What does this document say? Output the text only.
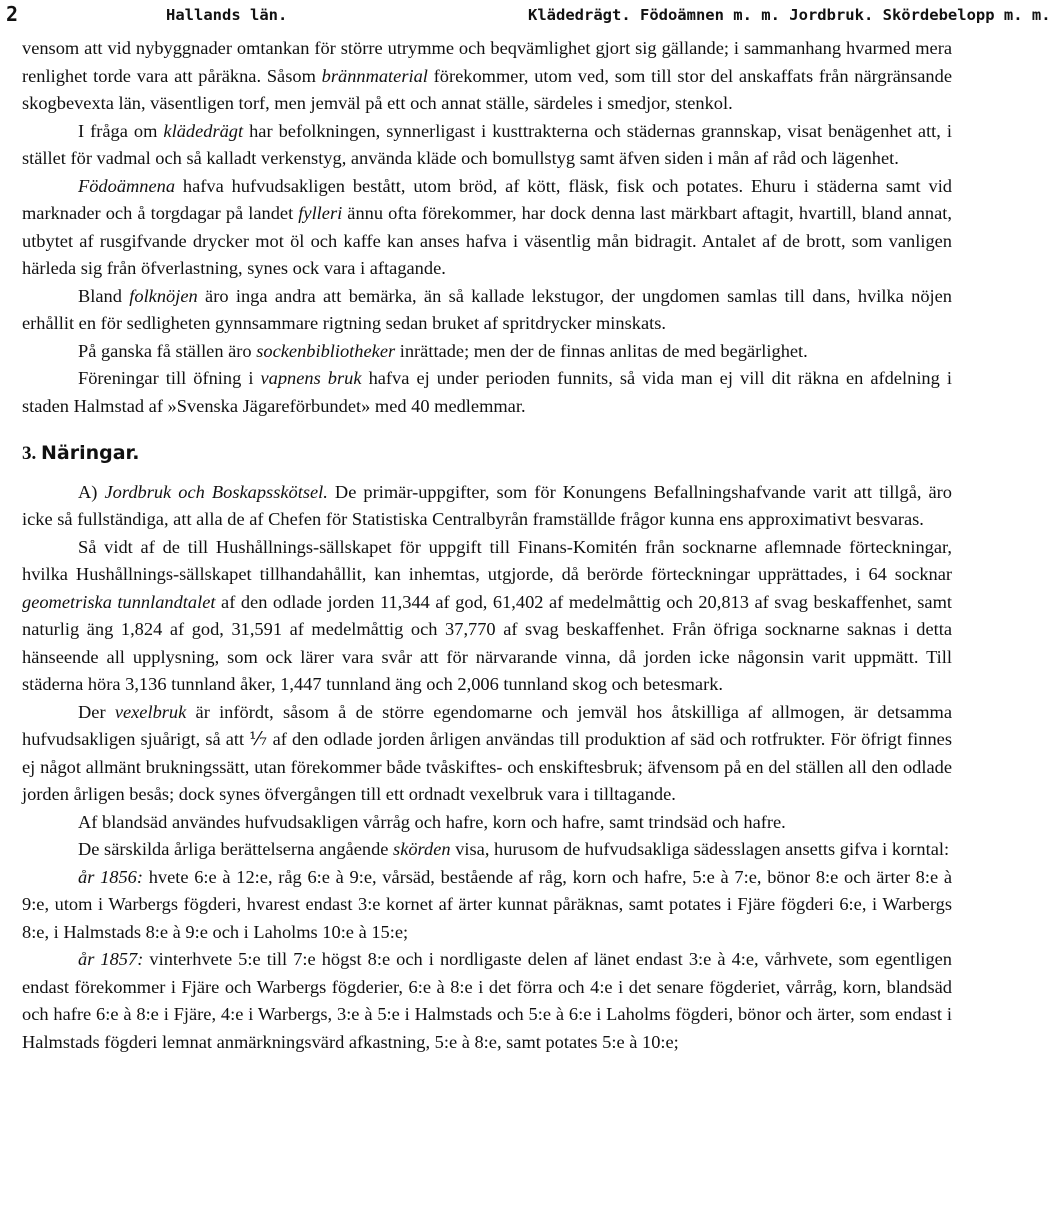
2	Hallands län.	Klädedrägt. Födoämnen m. m. Jordbruk. Skördebelopp m. m.

vensom att vid nybyggnader omtankan för större utrymme och beqvämlighet gjort sig gällande; i sammanhang hvarmed mera renlighet torde vara att påräkna. Såsom brännmaterial förekommer, utom ved, som till stor del anskaffats från närgränsande skogbevexta län, väsentligen torf, men jemväl på ett och annat ställe, särdeles i smedjor, stenkol.

I fråga om klädedrägt har befolkningen, synnerligast i kusttrakterna och städernas grannskap, visat benägenhet att, i stället för vadmal och så kalladt verkenstyg, använda kläde och bomullstyg samt äfven siden i mån af råd och lägenhet.

Födoämnena hafva hufvudsakligen bestått, utom bröd, af kött, fläsk, fisk och potates. Ehuru i städerna samt vid marknader och å torgdagar på landet fylleri ännu ofta förekommer, har dock denna last märkbart aftagit, hvartill, bland annat, utbytet af rusgifvande drycker mot öl och kaffe kan anses hafva i väsentlig mån bidragit. Antalet af de brott, som vanligen härleda sig från öfverlastning, synes ock vara i aftagande.

Bland folknöjen äro inga andra att bemärka, än så kallade lekstugor, der ungdomen samlas till dans, hvilka nöjen erhållit en för sedligheten gynnsammare rigtning sedan bruket af spritdrycker minskats.

På ganska få ställen äro sockenbibliotheker inrättade; men der de finnas anlitas de med begärlighet.

Föreningar till öfning i vapnens bruk hafva ej under perioden funnits, så vida man ej vill dit räkna en afdelning i staden Halmstad af »Svenska Jägareförbundet» med 40 medlemmar.

3. Näringar.

A) Jordbruk och Boskapsskötsel. De primär-uppgifter, som för Konungens Befallningshafvande varit att tillgå, äro icke så fullständiga, att alla de af Chefen för Statistiska Centralbyrån framställde frågor kunna ens approximativt besvaras.

Så vidt af de till Hushållnings-sällskapet för uppgift till Finans-Komitén från socknarne aflemnade förteckningar, hvilka Hushållnings-sällskapet tillhandahållit, kan inhemtas, utgjorde, då berörde förteckningar upprättades, i 64 socknar geometriska tunnlandtalet af den odlade jorden 11,344 af god, 61,402 af medelmåttig och 20,813 af svag beskaffenhet, samt naturlig äng 1,824 af god, 31,591 af medelmåttig och 37,770 af svag beskaffenhet. Från öfriga socknarne saknas i detta hänseende all upplysning, som ock lärer vara svår att för närvarande vinna, då jorden icke någonsin varit uppmätt. Till städerna höra 3,136 tunnland åker, 1,447 tunnland äng och 2,006 tunnland skog och betesmark.

Der vexelbruk är infördt, såsom å de större egendomarne och jemväl hos åtskilliga af allmogen, är detsamma hufvudsakligen sjuårigt, så att ⅐ af den odlade jorden årligen användas till produktion af säd och rotfrukter. För öfrigt finnes ej något allmänt brukningssätt, utan förekommer både tvåskiftes- och enskiftesbruk; äfvensom på en del ställen all den odlade jorden årligen besås; dock synes öfvergången till ett ordnadt vexelbruk vara i tilltagande.

Af blandsäd användes hufvudsakligen vårråg och hafre, korn och hafre, samt trindsäd och hafre.

De särskilda årliga berättelserna angående skörden visa, hurusom de hufvudsakliga sädesslagen ansetts gifva i korntal:

år 1856: hvete 6:e à 12:e, råg 6:e à 9:e, vårsäd, bestående af råg, korn och hafre, 5:e à 7:e, bönor 8:e och ärter 8:e à 9:e, utom i Warbergs fögderi, hvarest endast 3:e kornet af ärter kunnat påräknas, samt potates i Fjäre fögderi 6:e, i Warbergs 8:e, i Halmstads 8:e à 9:e och i Laholms 10:e à 15:e;

år 1857: vinterhvete 5:e till 7:e högst 8:e och i nordligaste delen af länet endast 3:e à 4:e, vårhvete, som egentligen endast förekommer i Fjäre och Warbergs fögderier, 6:e à 8:e i det förra och 4:e i det senare fögderiet, vårråg, korn, blandsäd och hafre 6:e à 8:e i Fjäre, 4:e i Warbergs, 3:e à 5:e i Halmstads och 5:e à 6:e i Laholms fögderi, bönor och ärter, som endast i Halmstads fögderi lemnat anmärkningsvärd afkastning, 5:e à 8:e, samt potates 5:e à 10:e;
